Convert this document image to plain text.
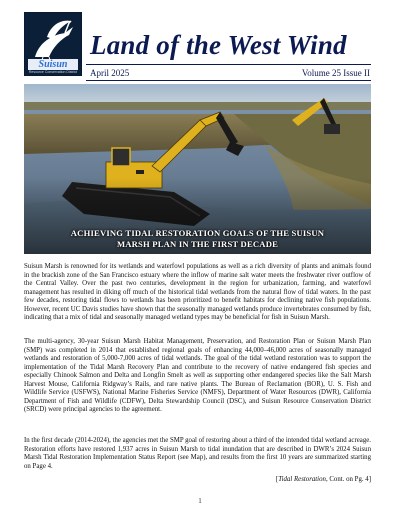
Suisun
Resource Conservation District
Land of the West Wind
April 2025	Volume 25 Issue II
ACHIEVING TIDAL RESTORATION GOALS OF THE SUISUN
MARSH PLAN IN THE FIRST DECADE

Suisun Marsh is renowned for its wetlands and waterfowl populations as well as a rich diversity of plants and animals found in the brackish zone of the San Francisco estuary where the inflow of marine salt water meets the freshwater river outflow of the Central Valley. Over the past two centuries, development in the region for urbanization, farming, and waterfowl management has resulted in diking off much of the historical tidal wetlands from the natural flow of tidal waters. In the past few decades, restoring tidal flows to wetlands has been prioritized to benefit habitats for declining native fish populations. However, recent UC Davis studies have shown that the seasonally managed wetlands produce invertebrates consumed by fish, indicating that a mix of tidal and seasonally managed wetland types may be beneficial for fish in Suisun Marsh.

The multi-agency, 30-year Suisun Marsh Habitat Management, Preservation, and Restoration Plan or Suisun Marsh Plan (SMP) was completed in 2014 that established regional goals of enhancing 44,000–46,000 acres of seasonally managed wetlands and restoration of 5,000-7,000 acres of tidal wetlands. The goal of the tidal wetland restoration was to support the implementation of the Tidal Marsh Recovery Plan and contribute to the recovery of native endangered fish species and especially Chinook Salmon and Delta and Longfin Smelt as well as supporting other endangered species like the Salt Marsh Harvest Mouse, California Ridgway’s Rails, and rare native plants. The Bureau of Reclamation (BOR), U. S. Fish and Wildlife Service (USFWS), National Marine Fisheries Service (NMFS), Department of Water Resources (DWR), California Department of Fish and Wildlife (CDFW), Delta Stewardship Council (DSC), and Suisun Resource Conservation District (SRCD) were principal agencies to the agreement.

In the first decade (2014-2024), the agencies met the SMP goal of restoring about a third of the intended tidal wetland acreage. Restoration efforts have restored 1,937 acres in Suisun Marsh to tidal inundation that are described in DWR’s 2024 Suisun Marsh Tidal Restoration Implementation Status Report (see Map), and results from the first 10 years are summarized starting on Page 4.

[Tidal Restoration, Cont. on Pg. 4]
1
